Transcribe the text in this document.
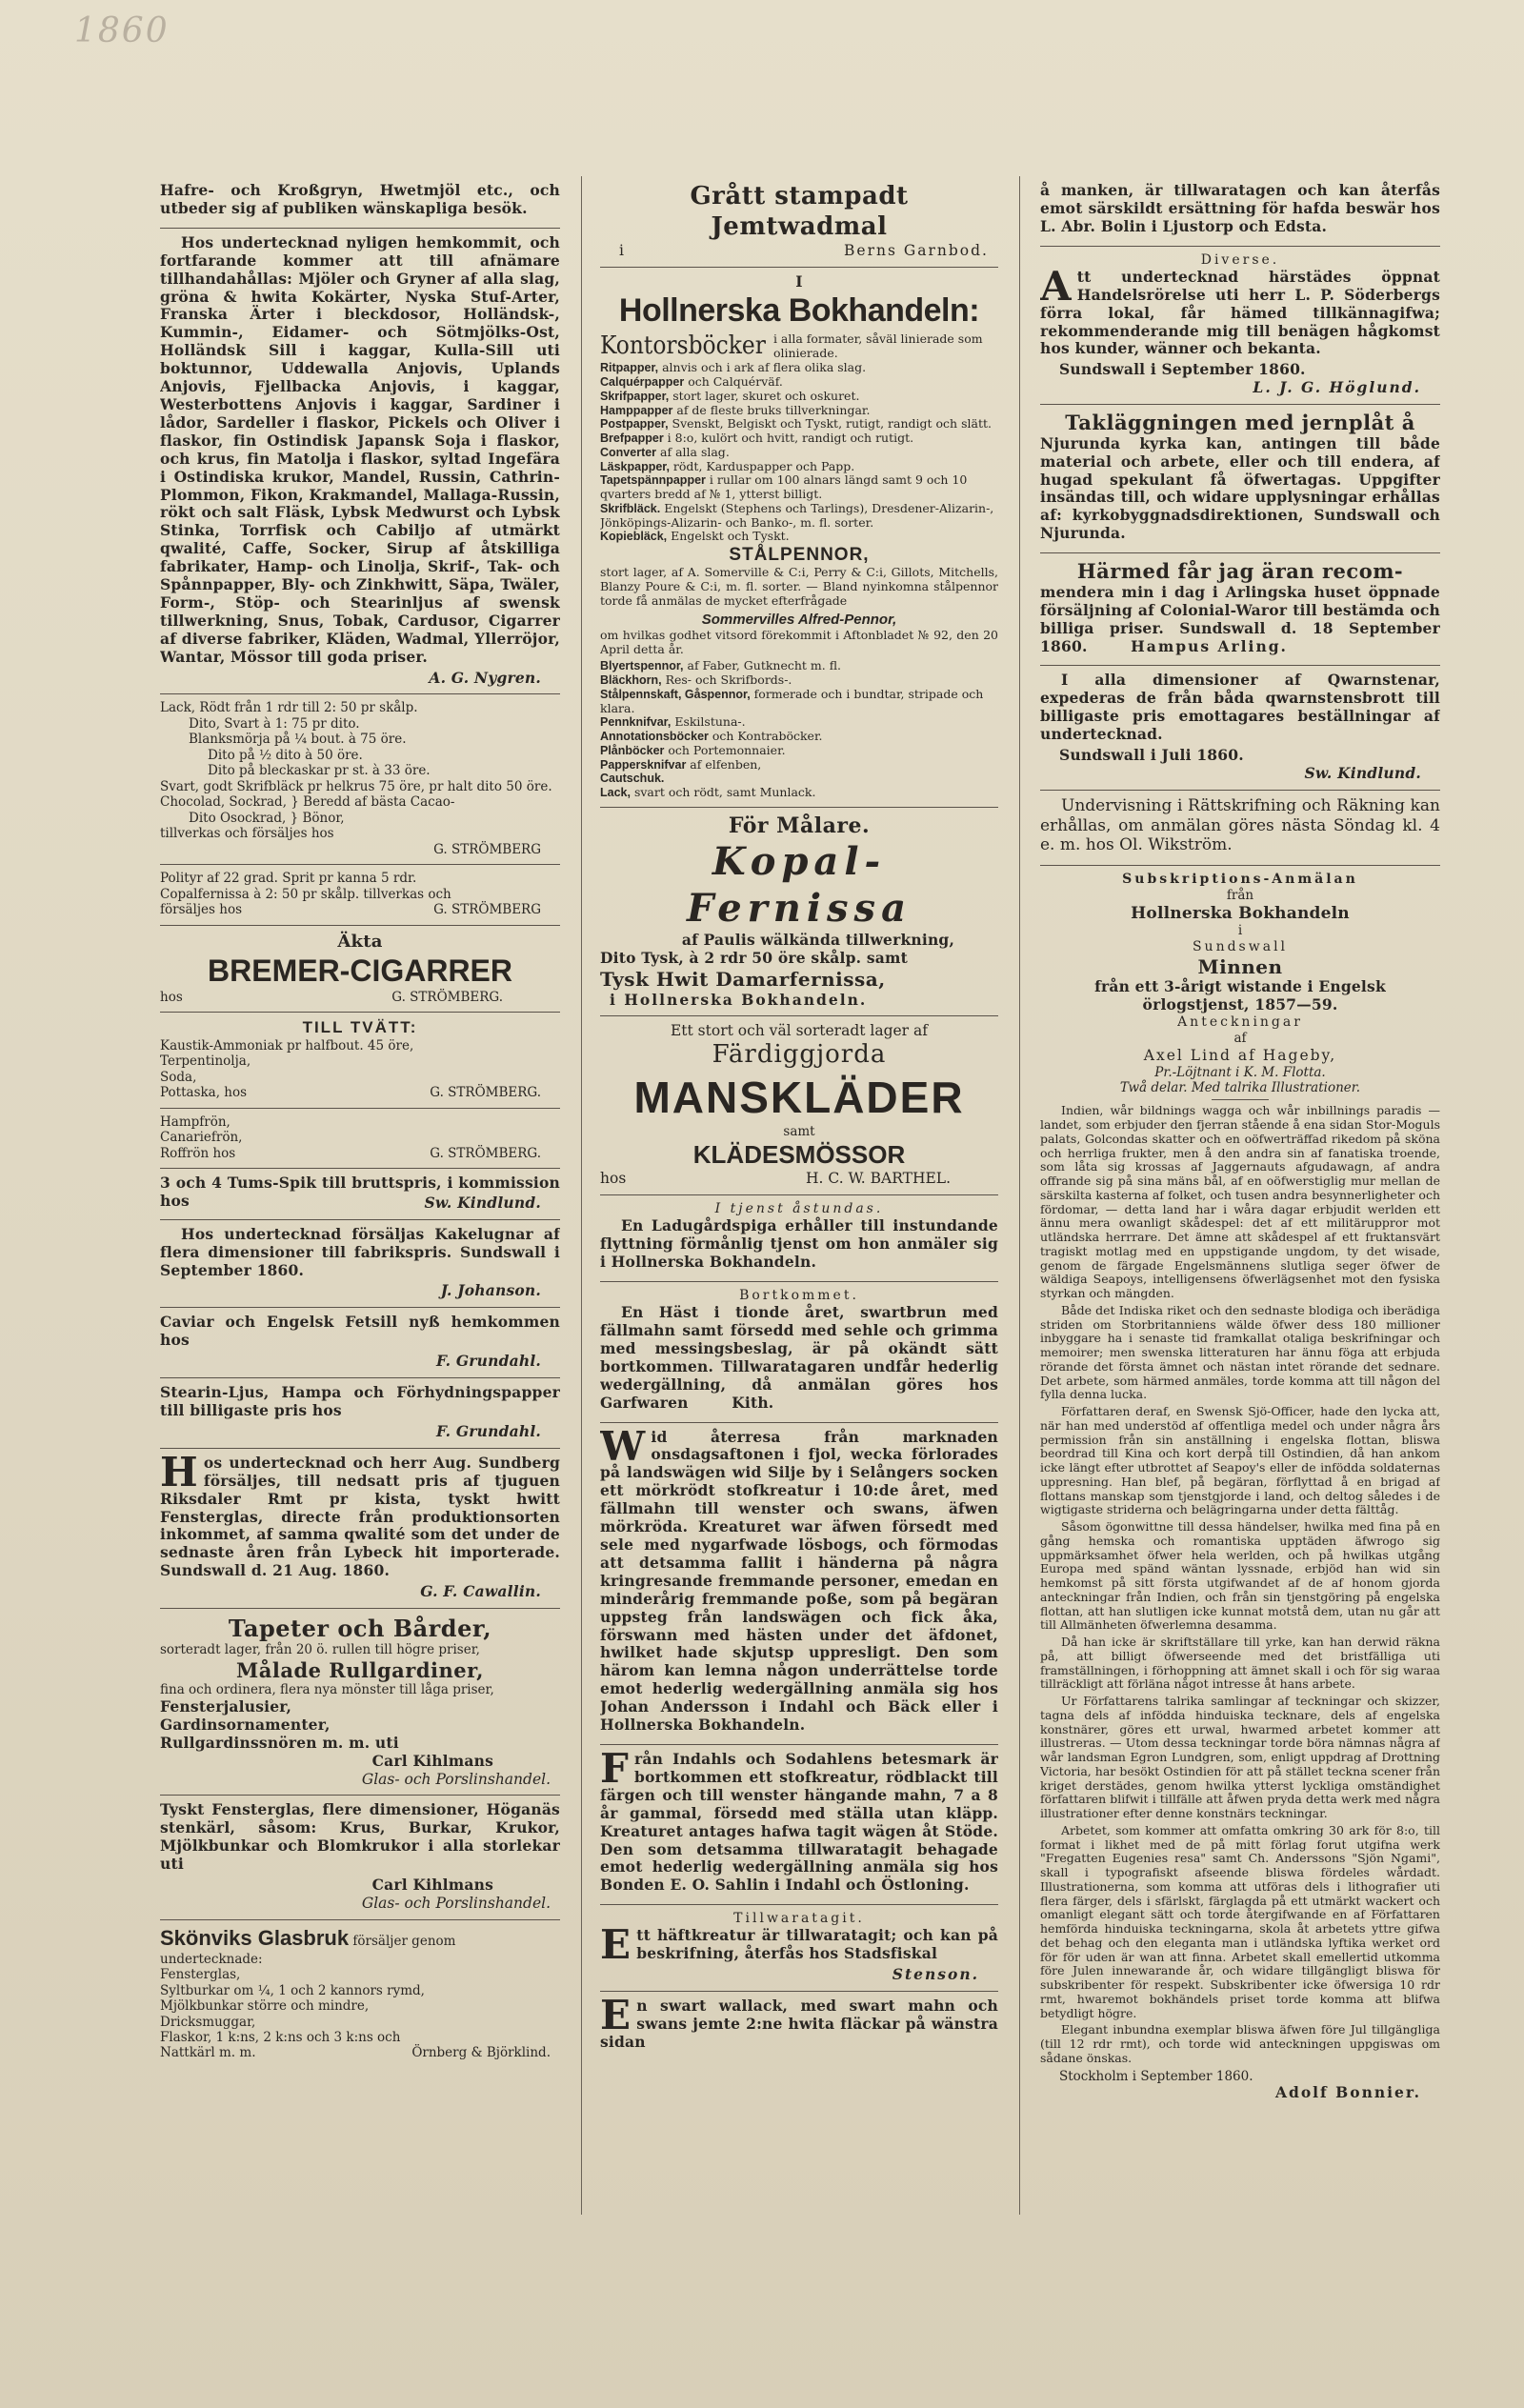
1860

Hafre- och Kroßgryn, Hwetmjöl etc., och utbeder sig af publiken wänskapliga besök.

Hos undertecknad nyligen hemkommit, och fortfarande kommer att till afnämare tillhandahållas: Mjöler och Gryner af alla slag, gröna & hwita Kokärter, Nyska Stuf-Arter, Franska Ärter i bleckdosor, Holländsk-, Kummin-, Eidamer- och Sötmjölks-Ost, Holländsk Sill i kaggar, Kulla-Sill uti boktunnor, Uddewalla Anjovis, Uplands Anjovis, Fjellbacka Anjovis, i kaggar, Westerbottens Anjovis i kaggar, Sardiner i lådor, Sardeller i flaskor, Pickels och Oliver i flaskor, fin Ostindisk Japansk Soja i flaskor, och krus, fin Matolja i flaskor, syltad Ingefära i Ostindiska krukor, Mandel, Russin, Cathrin-Plommon, Fikon, Krakmandel, Mallaga-Russin, rökt och salt Fläsk, Lybsk Medwurst och Lybsk Stinka, Torrfisk och Cabiljo af utmärkt qwalité, Caffe, Socker, Sirup af åtskilliga fabrikater, Hamp- och Linolja, Skrif-, Tak- och Spånnpapper, Bly- och Zinkhwitt, Säpa, Twäler, Form-, Stöp- och Stearinljus af swensk tillwerkning, Snus, Tobak, Cardusor, Cigarrer af diverse fabriker, Kläden, Wadmal, Yllerröjor, Wantar, Mössor till goda priser.

A. G. Nygren.
Lack, Rödt från 1 rdr till 2: 50 pr skålp.
Dito, Svart à 1: 75 pr dito.
Blanksmörja på ¼ bout. à 75 öre.
Dito på ½ dito à 50 öre.
Dito på bleckaskar pr st. à 33 öre.
Svart, godt Skrifbläck pr helkrus 75 öre, pr halt dito 50 öre.
Chocolad, Sockrad, } Beredd af bästa Cacao-
Dito Osockrad, } Bönor,
tillverkas och försäljes hos
G. STRÖMBERG
Polityr af 22 grad. Sprit pr kanna 5 rdr.
Copalfernissa à 2: 50 pr skålp. tillverkas och
försäljes hos	G. STRÖMBERG
Äkta
BREMER-CIGARRER
hos	G. STRÖMBERG.
TILL TVÄTT:
Kaustik-Ammoniak pr halfbout. 45 öre,
Terpentinolja,
Soda,
Pottaska, hos	G. STRÖMBERG.
Hampfrön,
Canariefrön,
Roffrön hos	G. STRÖMBERG.

3 och 4 Tums-Spik till bruttspris, i kommission hos	Sw. Kindlund.

Hos undertecknad försäljas Kakelugnar af flera dimensioner till fabrikspris. Sundswall i September 1860.

J. Johanson.

Caviar och Engelsk Fetsill nyß hemkommen hos

F. Grundahl.

Stearin-Ljus, Hampa och Förhydningspapper till billigaste pris hos

F. Grundahl.

Hos undertecknad och herr Aug. Sundberg försäljes, till nedsatt pris af tjuguen Riksdaler Rmt pr kista, tyskt hwitt Fensterglas, directe från produktionsorten inkommet, af samma qwalité som det under de sednaste åren från Lybeck hit importerade. Sundswall d. 21 Aug. 1860.

G. F. Cawallin.
Tapeter och Bårder,
sorteradt lager, från 20 ö. rullen till högre priser,
Målade Rullgardiner,
fina och ordinera, flera nya mönster till låga priser,
Fensterjalusier,
Gardinsornamenter,
Rullgardinssnören m. m. uti
Carl Kihlmans
Glas- och Porslinshandel.

Tyskt Fensterglas, flere dimensioner, Höganäs stenkärl, såsom: Krus, Burkar, Krukor, Mjölkbunkar och Blomkrukor i alla storlekar uti

Carl Kihlmans
Glas- och Porslinshandel.
Skönviks Glasbruk försäljer genom undertecknade:
Fensterglas,
Syltburkar om ¼, 1 och 2 kannors rymd,
Mjölkbunkar större och mindre,
Dricksmuggar,
Flaskor, 1 k:ns, 2 k:ns och 3 k:ns och
Nattkärl m. m.	Örnberg & Björklind.
Grått stampadt Jemtwadmal
i	Berns Garnbod.
I
Hollnerska Bokhandeln:
Kontorsböcker i alla formater, såväl linierade som olinierade.
Ritpapper, alnvis och i ark af flera olika slag.
Calquérpapper och Calquérväf.
Skrifpapper, stort lager, skuret och oskuret.
Hamppapper af de fleste bruks tillverkningar.
Postpapper, Svenskt, Belgiskt och Tyskt, rutigt, randigt och slätt.
Brefpapper i 8:o, kulört och hvitt, randigt och rutigt.
Converter af alla slag.
Läskpapper, rödt, Karduspapper och Papp.
Tapetspännpapper i rullar om 100 alnars längd samt 9 och 10 qvarters bredd af № 1, ytterst billigt.
Skrifbläck. Engelskt (Stephens och Tarlings), Dresdener-Alizarin-, Jönköpings-Alizarin- och Banko-, m. fl. sorter.
Kopiebläck, Engelskt och Tyskt.
STÅLPENNOR,

stort lager, af A. Somerville & C:i, Perry & C:i, Gillots, Mitchells, Blanzy Poure & C:i, m. fl. sorter. — Bland nyinkomna stålpennor torde få anmälas de mycket efterfrågade

Sommervilles Alfred-Pennor,

om hvilkas godhet vitsord förekommit i Aftonbladet № 92, den 20 April detta år.

Blyertspennor, af Faber, Gutknecht m. fl.
Bläckhorn, Res- och Skrifbords-.
Stålpennskaft, Gåspennor, formerade och i bundtar, stripade och klara.
Pennknifvar, Eskilstuna-.
Annotationsböcker och Kontraböcker.
Plånböcker och Portemonnaier.
Pappersknifvar af elfenben,
Cautschuk.
Lack, svart och rödt, samt Munlack.
För Målare.
Kopal-Fernissa
af Paulis wälkända tillwerkning,
Dito Tysk, à 2 rdr 50 öre skålp. samt
Tysk Hwit Damarfernissa,
i Hollnerska Bokhandeln.
Ett stort och väl sorteradt lager af
Färdiggjorda
MANSKLÄDER
samt
KLÄDESMÖSSOR
hos	H. C. W. BARTHEL.
I tjenst åstundas.

En Ladugårdspiga erhåller till instundande flyttning förmånlig tjenst om hon anmäler sig i Hollnerska Bokhandeln.

Bortkommet.

En Häst i tionde året, swartbrun med fällmahn samt försedd med sehle och grimma med messingsbeslag, är på okändt sätt bortkommen. Tillwaratagaren undfår hederlig wedergällning, då anmälan göres hos Garfwaren	Kith.

Wid återresa från marknaden onsdagsaftonen i fjol, wecka förlorades på landswägen wid Silje by i Selångers socken ett mörkrödt stofkreatur i 10:de året, med fällmahn till wenster och swans, äfwen mörkröda. Kreaturet war äfwen försedt med sele med nygarfwade lösbogs, och förmodas att detsamma fallit i händerna på några kringresande fremmande personer, emedan en minderårig fremmande poße, som på begäran uppsteg från landswägen och fick åka, förswann med hästen under det äfdonet, hwilket hade skjutsp uppresligt. Den som härom kan lemna någon underrättelse torde emot hederlig wedergällning anmäla sig hos Johan Andersson i Indahl och Bäck eller i Hollnerska Bokhandeln.

Från Indahls och Sodahlens betesmark är bortkommen ett stofkreatur, rödblackt till färgen och till wenster hängande mahn, 7 a 8 år gammal, försedd med ställa utan kläpp. Kreaturet antages hafwa tagit wägen åt Stöde. Den som detsamma tillwaratagit behagade emot hederlig wedergällning anmäla sig hos Bonden E. O. Sahlin i Indahl och Östloning.

Tillwaratagit.

Ett häftkreatur är tillwaratagit; och kan på beskrifning, återfås hos Stadsfiskal

Stenson.

En swart wallack, med swart mahn och swans jemte 2:ne hwita fläckar på wänstra sidan

å manken, är tillwaratagen och kan återfås emot särskildt ersättning för hafda beswär hos L. Abr. Bolin i Ljustorp och Edsta.

Diverse.

Att undertecknad härstädes öppnat Handelsrörelse uti herr L. P. Söderbergs förra lokal, får hämed tillkännagifwa; rekommenderande mig till benägen hågkomst hos kunder, wänner och bekanta.

Sundswall i September 1860.
L. J. G. Höglund.
Takläggningen med jernplåt å

Njurunda kyrka kan, antingen till både material och arbete, eller och till endera, af hugad spekulant få öfwertagas. Uppgifter insändas till, och widare upplysningar erhållas af: kyrkobyggnadsdirektionen, Sundswall och Njurunda.

Härmed får jag äran recom-

mendera min i dag i Arlingska huset öppnade försäljning af Colonial-Waror till bestämda och billiga priser. Sundswall d. 18 September 1860.	Hampus Arling.

I alla dimensioner af Qwarnstenar, expederas de från båda qwarnstensbrott till billigaste pris emottagares beställningar af undertecknad.

Sundswall i Juli 1860.
Sw. Kindlund.

Undervisning i Rättskrifning och Räkning kan erhållas, om anmälan göres nästa Söndag kl. 4 e. m. hos Ol. Wikström.

Subskriptions-Anmälan
från
Hollnerska Bokhandeln
i
Sundswall
Minnen
från ett 3-årigt wistande i Engelsk örlogstjenst, 1857—59.
Anteckningar
af
Axel Lind af Hageby,
Pr.-Löjtnant i K. M. Flotta.
Twå delar. Med talrika Illustrationer.

Indien, wår bildnings wagga och wår inbillnings paradis — landet, som erbjuder den fjerran stående å ena sidan Stor-Moguls palats, Golcondas skatter och en oöfwerträffad rikedom på sköna och herrliga frukter, men å den andra sin af fanatiska troende, som låta sig krossas af Jaggernauts afgudawagn, af andra offrande sig på sina mäns bål, af en oöfwerstiglig mur mellan de särskilta kasterna af folket, och tusen andra besynnerligheter och fördomar, — detta land har i wåra dagar erbjudit werlden ett ännu mera owanligt skådespel: det af ett militäruppror mot utländska herrrare. Det ämne att skådespel af ett fruktansvärt tragiskt motlag med en uppstigande ungdom, ty det wisade, genom de färgade Engelsmännens slutliga seger öfwer de wäldiga Seapoys, intelligensens öfwerlägsenhet mot den fysiska styrkan och mängden.

Både det Indiska riket och den sednaste blodiga och iberädiga striden om Storbritanniens wälde öfwer dess 180 millioner inbyggare ha i senaste tid framkallat otaliga beskrifningar och memoirer; men swenska litteraturen har ännu föga att erbjuda rörande det första ämnet och nästan intet rörande det sednare. Det arbete, som härmed anmäles, torde komma att till någon del fylla denna lucka.

Författaren deraf, en Swensk Sjö-Officer, hade den lycka att, när han med understöd af offentliga medel och under några års permission från sin anställning i engelska flottan, bliswa beordrad till Kina och kort derpå till Ostindien, då han ankom icke längt efter utbrottet af Seapoy's eller de infödda soldaternas uppresning. Han blef, på begäran, förflyttad å en brigad af flottans manskap som tjenstgjorde i land, och deltog således i de wigtigaste striderna och belägringarna under detta fälttåg.

Såsom ögonwittne till dessa händelser, hwilka med fina på en gång hemska och romantiska upptäden äfwrogo sig uppmärksamhet öfwer hela werlden, och på hwilkas utgång Europa med spänd wäntan lyssnade, erbjöd han wid sin hemkomst på sitt första utgifwandet af de af honom gjorda anteckningar från Indien, och från sin tjenstgöring på engelska flottan, att han slutligen icke kunnat motstå dem, utan nu går att till Allmänheten öfwerlemna desamma.

Då han icke är skriftställare till yrke, kan han derwid räkna på, att billigt öfwerseende med det bristfälliga uti framställningen, i förhoppning att ämnet skall i och för sig waraa tillräckligt att förläna något intresse åt hans arbete.

Ur Författarens talrika samlingar af teckningar och skizzer, tagna dels af infödda hinduiska tecknare, dels af engelska konstnärer, göres ett urwal, hwarmed arbetet kommer att illustreras. — Utom dessa teckningar torde böra nämnas några af wår landsman Egron Lundgren, som, enligt uppdrag af Drottning Victoria, har besökt Ostindien för att på stället teckna scener från kriget derstädes, genom hwilka ytterst lyckliga omständighet författaren blifwit i tillfälle att åfwen pryda detta werk med några illustrationer efter denne konstnärs teckningar.

Arbetet, som kommer att omfatta omkring 30 ark för 8:o, till format i likhet med de på mitt förlag forut utgifna werk "Fregatten Eugenies resa" samt Ch. Anderssons "Sjön Ngami", skall i typografiskt afseende bliswa fördeles wårdadt. Illustrationerna, som komma att utföras dels i lithografier uti flera färger, dels i sfärlskt, färglagda på ett utmärkt wackert och omanligt elegant sätt och torde återgifwande en af Författaren hemförda hinduiska teckningarna, skola åt arbetets yttre gifwa det behag och den eleganta man i utländska lyftika werket ord för för uden är wan att finna. Arbetet skall emellertid utkomma före Julen innewarande år, och widare tillgängligt bliswa för subskribenter för respekt. Subskribenter icke öfwersiga 10 rdr rmt, hwaremot bokhändels priset torde komma att blifwa betydligt högre.

Elegant inbundna exemplar bliswa äfwen före Jul tillgängliga (till 12 rdr rmt), och torde wid anteckningen uppgiswas om sådane önskas.

Stockholm i September 1860.
Adolf Bonnier.
